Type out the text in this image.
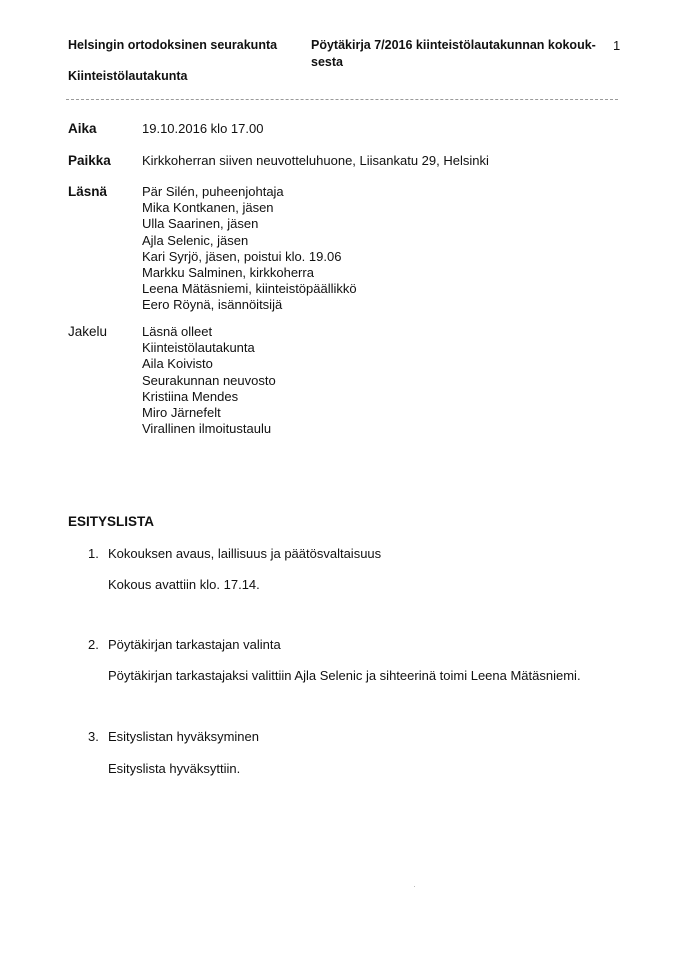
Helsingin ortodoksinen seurakunta	Pöytäkirja 7/2016 kiinteistölautakunnan kokouk-sesta
1
Kiinteistölautakunta
Aika	19.10.2016 klo 17.00
Paikka Kirkkoherran siiven neuvotteluhuone, Liisankatu 29, Helsinki
Läsnä	Pär Silén, puheenjohtaja
Mika Kontkanen, jäsen
Ulla Saarinen, jäsen
Ajla Selenic, jäsen
Kari Syrjö, jäsen, poistui klo. 19.06
Markku Salminen, kirkkoherra
Leena Mätäsniemi, kiinteistöpäällikkö
Eero Röynä, isännöitsijä
Jakelu	Läsnä olleet
Kiinteistölautakunta
Aila Koivisto
Seurakunnan neuvosto
Kristiina Mendes
Miro Järnefelt
Virallinen ilmoitustaulu
ESITYSLISTA
1. Kokouksen avaus, laillisuus ja päätösvaltaisuus
Kokous avattiin klo. 17.14.
2. Pöytäkirjan tarkastajan valinta
Pöytäkirjan tarkastajaksi valittiin Ajla Selenic ja sihteerinä toimi Leena Mätäsniemi.
3. Esityslistan hyväksyminen
Esityslista hyväksyttiin.
